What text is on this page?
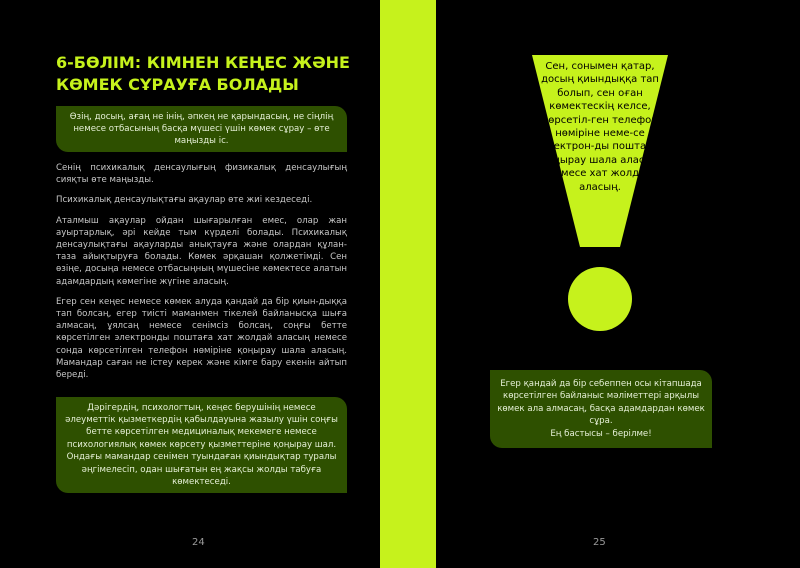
6-БӨЛІМ: КІМНЕН КЕҢЕС ЖӘНЕ КӨМЕК СҰРАУҒА БОЛАДЫ
Өзің, досың, ағаң не інің, әпкең не қарындасың, не сіңлің немесе отбасының басқа мүшесі үшін көмек сұрау – өте маңызды іс.

Сенің психикалық денсаулығың физикалық денсаулығың сияқты өте маңызды.

Психикалық денсаулықтағы ақаулар өте жиі кездеседі.

Аталмыш ақаулар ойдан шығарылған емес, олар жан ауыртарлық, әрі кейде тым күрделі болады. Психикалық денсаулықтағы ақауларды анықтауға және олардан құлан-таза айықтыруға болады. Көмек әрқашан қолжетімді. Сен өзіңе, досыңа немесе отбасыңның мүшесіне көмектесе алатын адамдардың көмегіне жүгіне аласың.

Егер сен кеңес немесе көмек алуда қандай да бір қиын-дыққа тап болсаң, егер тиісті маманмен тікелей байланысқа шыға алмасаң, ұялсаң немесе сенімсіз болсаң, соңғы бетте көрсетілген электронды поштаға хат жолдай аласың немесе сонда көрсетілген телефон нөміріне қоңырау шала аласың. Мамандар саған не істеу керек және кімге бару екенін айтып береді.

Дәрігердің, психологтың, кеңес берушінің немесе әлеуметтік қызметкердің қабылдауына жазылу үшін соңғы бетте көрсетілген медициналық мекемеге немесе психологиялық көмек көрсету қызметтеріне қоңырау шал. Ондағы мамандар сенімен туындаған қиындықтар туралы әңгімелесіп, одан шығатын ең жақсы жолды табуға көмектеседі.
24

Сен, сонымен қатар, досың қиындыққа тап болып, сен оған көмектескің келсе, көрсетіл-ген телефон нөміріне неме-се электрон-ды поштаға қоңырау шала аласың немесе хат жолдай аласың.

Егер қандай да бір себеппен осы кітапшада көрсетілген байланыс мәліметтері арқылы көмек ала алмасаң, басқа адамдардан көмек сұра.
Ең бастысы – берілме!
25
